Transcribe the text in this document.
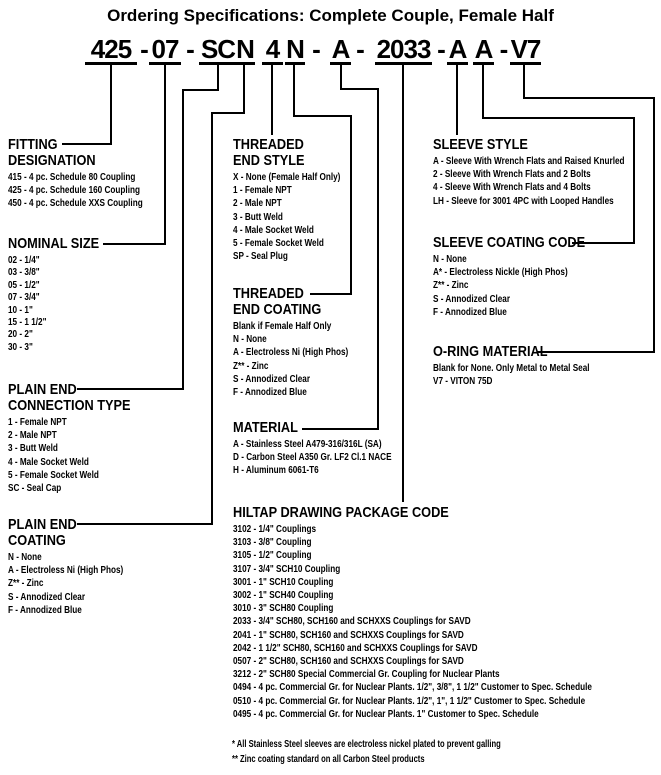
Ordering Specifications: Complete Couple, Female Half
425 - 07 - SC N 4 N - A - 2033 - A A - V7
FITTING
DESIGNATION
415 - 4 pc. Schedule 80 Coupling
425 - 4 pc. Schedule 160 Coupling
450 - 4 pc. Schedule XXS Coupling
NOMINAL SIZE
02 - 1/4"
03 - 3/8"
05 - 1/2"
07 - 3/4"
10 - 1"
15 - 1 1/2"
20 - 2"
30 - 3"
PLAIN END
CONNECTION TYPE
1 - Female NPT
2 - Male NPT
3 - Butt Weld
4 - Male Socket Weld
5 - Female Socket Weld
SC - Seal Cap
PLAIN END
COATING
N - None
A - Electroless Ni (High Phos)
Z** - Zinc
S - Annodized Clear
F - Annodized Blue
THREADED
END STYLE
X - None (Female Half Only)
1 - Female NPT
2 - Male NPT
3 - Butt Weld
4 - Male Socket Weld
5 - Female Socket Weld
SP - Seal Plug
THREADED
END COATING
Blank if Female Half Only
N - None
A - Electroless Ni (High Phos)
Z** - Zinc
S - Annodized Clear
F - Annodized Blue
MATERIAL
A - Stainless Steel A479-316/316L (SA)
D - Carbon Steel A350 Gr. LF2 Cl.1 NACE
H - Aluminum 6061-T6
HILTAP DRAWING PACKAGE CODE
3102 - 1/4" Couplings
3103 - 3/8" Coupling
3105 - 1/2" Coupling
3107 - 3/4" SCH10 Coupling
3001 - 1" SCH10 Coupling
3002 - 1" SCH40 Coupling
3010 - 3" SCH80 Coupling
2033 - 3/4" SCH80, SCH160 and SCHXXS Couplings for SAVD
2041 - 1" SCH80, SCH160 and SCHXXS Couplings for SAVD
2042 - 1 1/2" SCH80, SCH160 and SCHXXS Couplings for SAVD
0507 - 2" SCH80, SCH160 and SCHXXS Couplings for SAVD
3212 - 2" SCH80 Special Commercial Gr. Coupling for Nuclear Plants
0494 - 4 pc. Commercial Gr. for Nuclear Plants. 1/2", 3/8", 1 1/2" Customer to Spec. Schedule
0510 - 4 pc. Commercial Gr. for Nuclear Plants. 1/2", 1", 1 1/2" Customer to Spec. Schedule
0495 - 4 pc. Commercial Gr. for Nuclear Plants. 1" Customer to Spec. Schedule
SLEEVE STYLE
A - Sleeve With Wrench Flats and Raised Knurled
2 - Sleeve With Wrench Flats and 2 Bolts
4 - Sleeve With Wrench Flats and 4 Bolts
LH - Sleeve for 3001 4PC with Looped Handles
SLEEVE COATING CODE
N - None
A* - Electroless Nickle (High Phos)
Z** - Zinc
S - Annodized Clear
F - Annodized Blue
O-RING MATERIAL
Blank for None. Only Metal to Metal Seal
V7 - VITON 75D
* All Stainless Steel sleeves are electroless nickel plated to prevent galling
** Zinc coating standard on all Carbon Steel products
